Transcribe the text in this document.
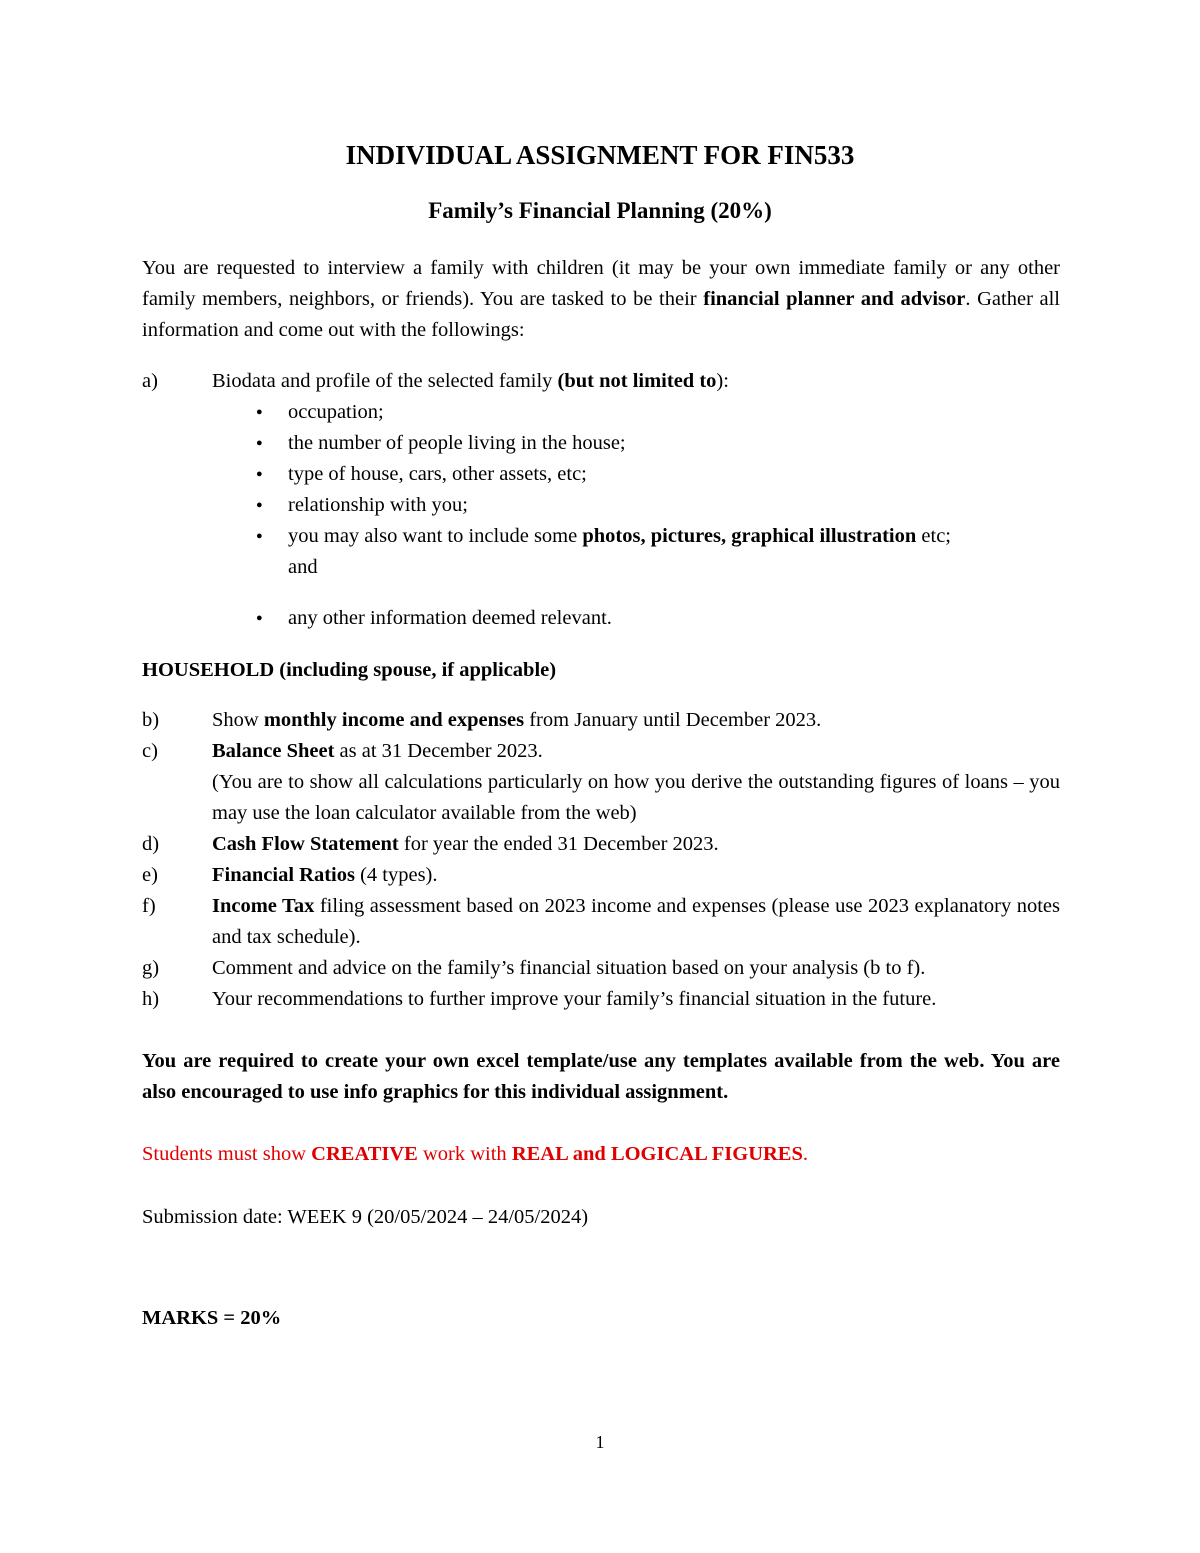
INDIVIDUAL ASSIGNMENT FOR FIN533
Family’s Financial Planning (20%)

You are requested to interview a family with children (it may be your own immediate family or any other family members, neighbors, or friends). You are tasked to be their financial planner and advisor. Gather all information and come out with the followings:

a)	Biodata and profile of the selected family (but not limited to):
● occupation;
● the number of people living in the house;
● type of house, cars, other assets, etc;
● relationship with you;
● you may also want to include some photos, pictures, graphical illustration etc;
and
● any other information deemed relevant.

HOUSEHOLD (including spouse, if applicable)

b)	Show monthly income and expenses from January until December 2023.
c)	Balance Sheet as at 31 December 2023.
(You are to show all calculations particularly on how you derive the outstanding figures of loans – you may use the loan calculator available from the web)
d)	Cash Flow Statement for year the ended 31 December 2023.
e)	Financial Ratios (4 types).
f)	Income Tax filing assessment based on 2023 income and expenses (please use 2023 explanatory notes and tax schedule).
g)	Comment and advice on the family’s financial situation based on your analysis (b to f).
h)	Your recommendations to further improve your family’s financial situation in the future.

You are required to create your own excel template/use any templates available from the web. You are also encouraged to use info graphics for this individual assignment.

Students must show CREATIVE work with REAL and LOGICAL FIGURES.

Submission date: WEEK 9 (20/05/2024 – 24/05/2024)

MARKS = 20%

1
